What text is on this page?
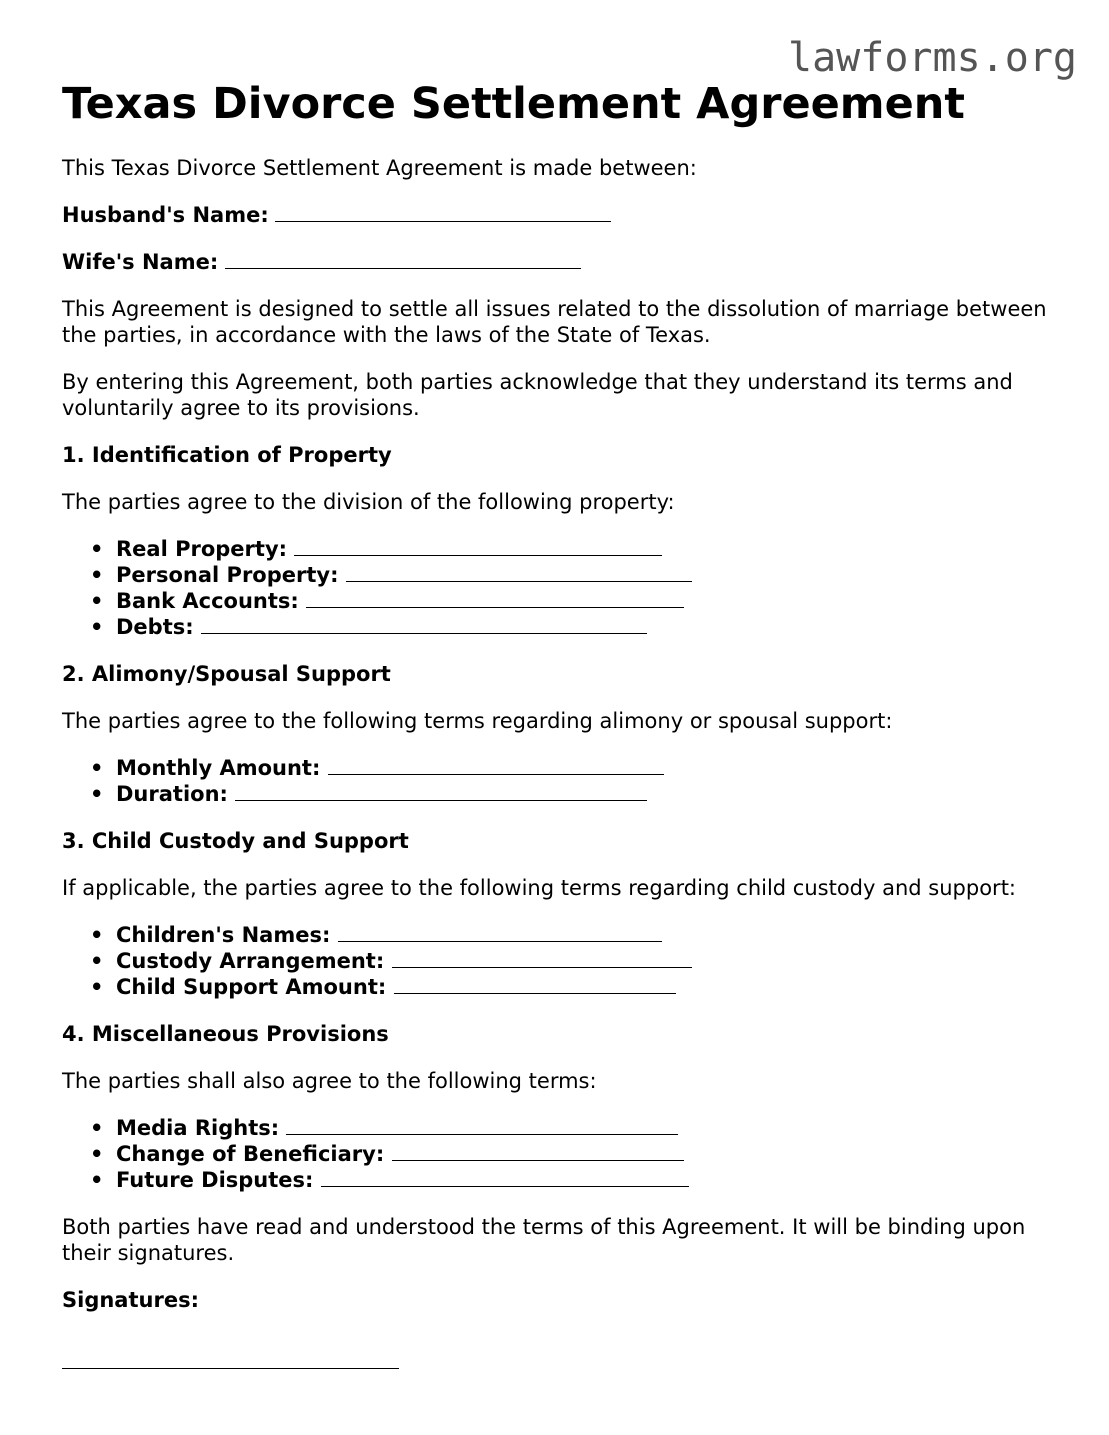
lawforms.org
Texas Divorce Settlement Agreement

This Texas Divorce Settlement Agreement is made between:

Husband's Name:

Wife's Name:

This Agreement is designed to settle all issues related to the dissolution of marriage between the parties, in accordance with the laws of the State of Texas.

By entering this Agreement, both parties acknowledge that they understand its terms and voluntarily agree to its provisions.

1. Identification of Property

The parties agree to the division of the following property:

• Real Property:
• Personal Property:
• Bank Accounts:
• Debts:
2. Alimony/Spousal Support

The parties agree to the following terms regarding alimony or spousal support:

• Monthly Amount:
• Duration:
3. Child Custody and Support

If applicable, the parties agree to the following terms regarding child custody and support:

• Children's Names:
• Custody Arrangement:
• Child Support Amount:
4. Miscellaneous Provisions

The parties shall also agree to the following terms:

• Media Rights:
• Change of Beneficiary:
• Future Disputes:

Both parties have read and understood the terms of this Agreement. It will be binding upon their signatures.

Signatures:
